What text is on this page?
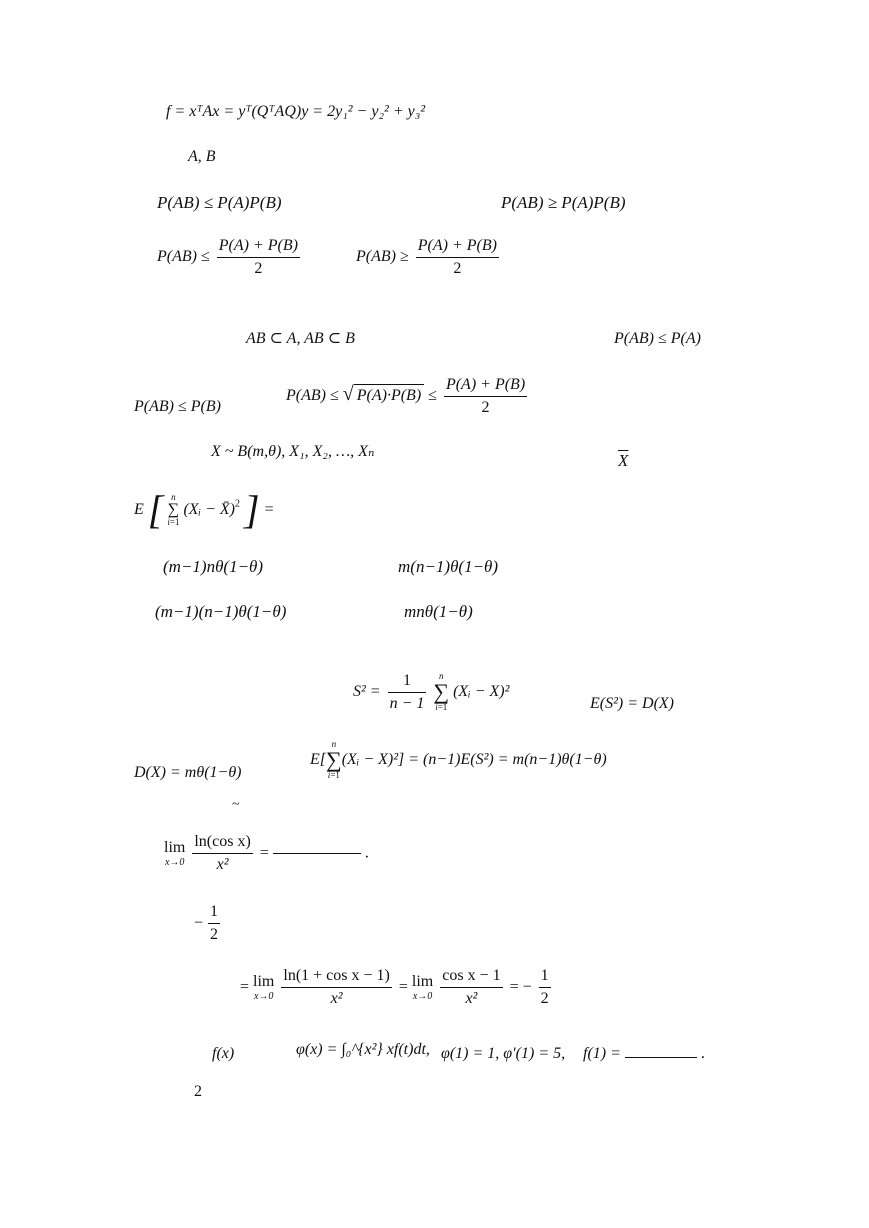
f = xᵀAx = yᵀ(QᵀAQ)y = 2y₁² − y₂² + y₃²
A, B
P(AB) ≤ P(A)P(B)	P(AB) ≥ P(A)P(B)
$P(AB) \le \frac{P(A) + P(B)}{2}$	$P(AB) \ge \frac{P(A) + P(B)}{2}$
AB ⊂ A, AB ⊂ B	P(AB) ≤ P(A)
P(AB) ≤ P(B)
P(AB) ≤ √ $P(A)\cdot P(B) \le \frac{P(A) + P(B)}{2}$
X ~ B(m,θ), X₁, X₂, …, Xₙ	$\overline{X}$
E [ n
∑
i=1
(Xᵢ − X̄)$^2$ ] =
(m−1)nθ(1−θ)	m(n−1)θ(1−θ)
(m−1)(n−1)θ(1−θ)	mnθ(1−θ)
$S^2 = \frac{1}{n - 1}$
	n
∑
i=1
(Xᵢ − X)²
E(S²) = D(X)
D(X) = mθ(1−θ)
E[
n
∑
i=1
(Xᵢ − X)²] = (n−1)E(S²) = m(n−1)θ(1−θ)
~
lim
x→0
$\frac{\text{ln(cos x)}}{\text{x²}}$ =	.
− $\frac{1}{2}$
= lim
x→0
$\frac{\text{ln(1 + cos x − 1)}}{\text{x²}} = \lim$
x→0
$\frac{\text{cos x − 1}}{\text{x²}}$ = − $\frac{1}{2}$
f(x)	φ(x) = ∫₀^{x²} xf(t)dt, φ(1) = 1, φ′(1) = 5, f(1) =	.
2
